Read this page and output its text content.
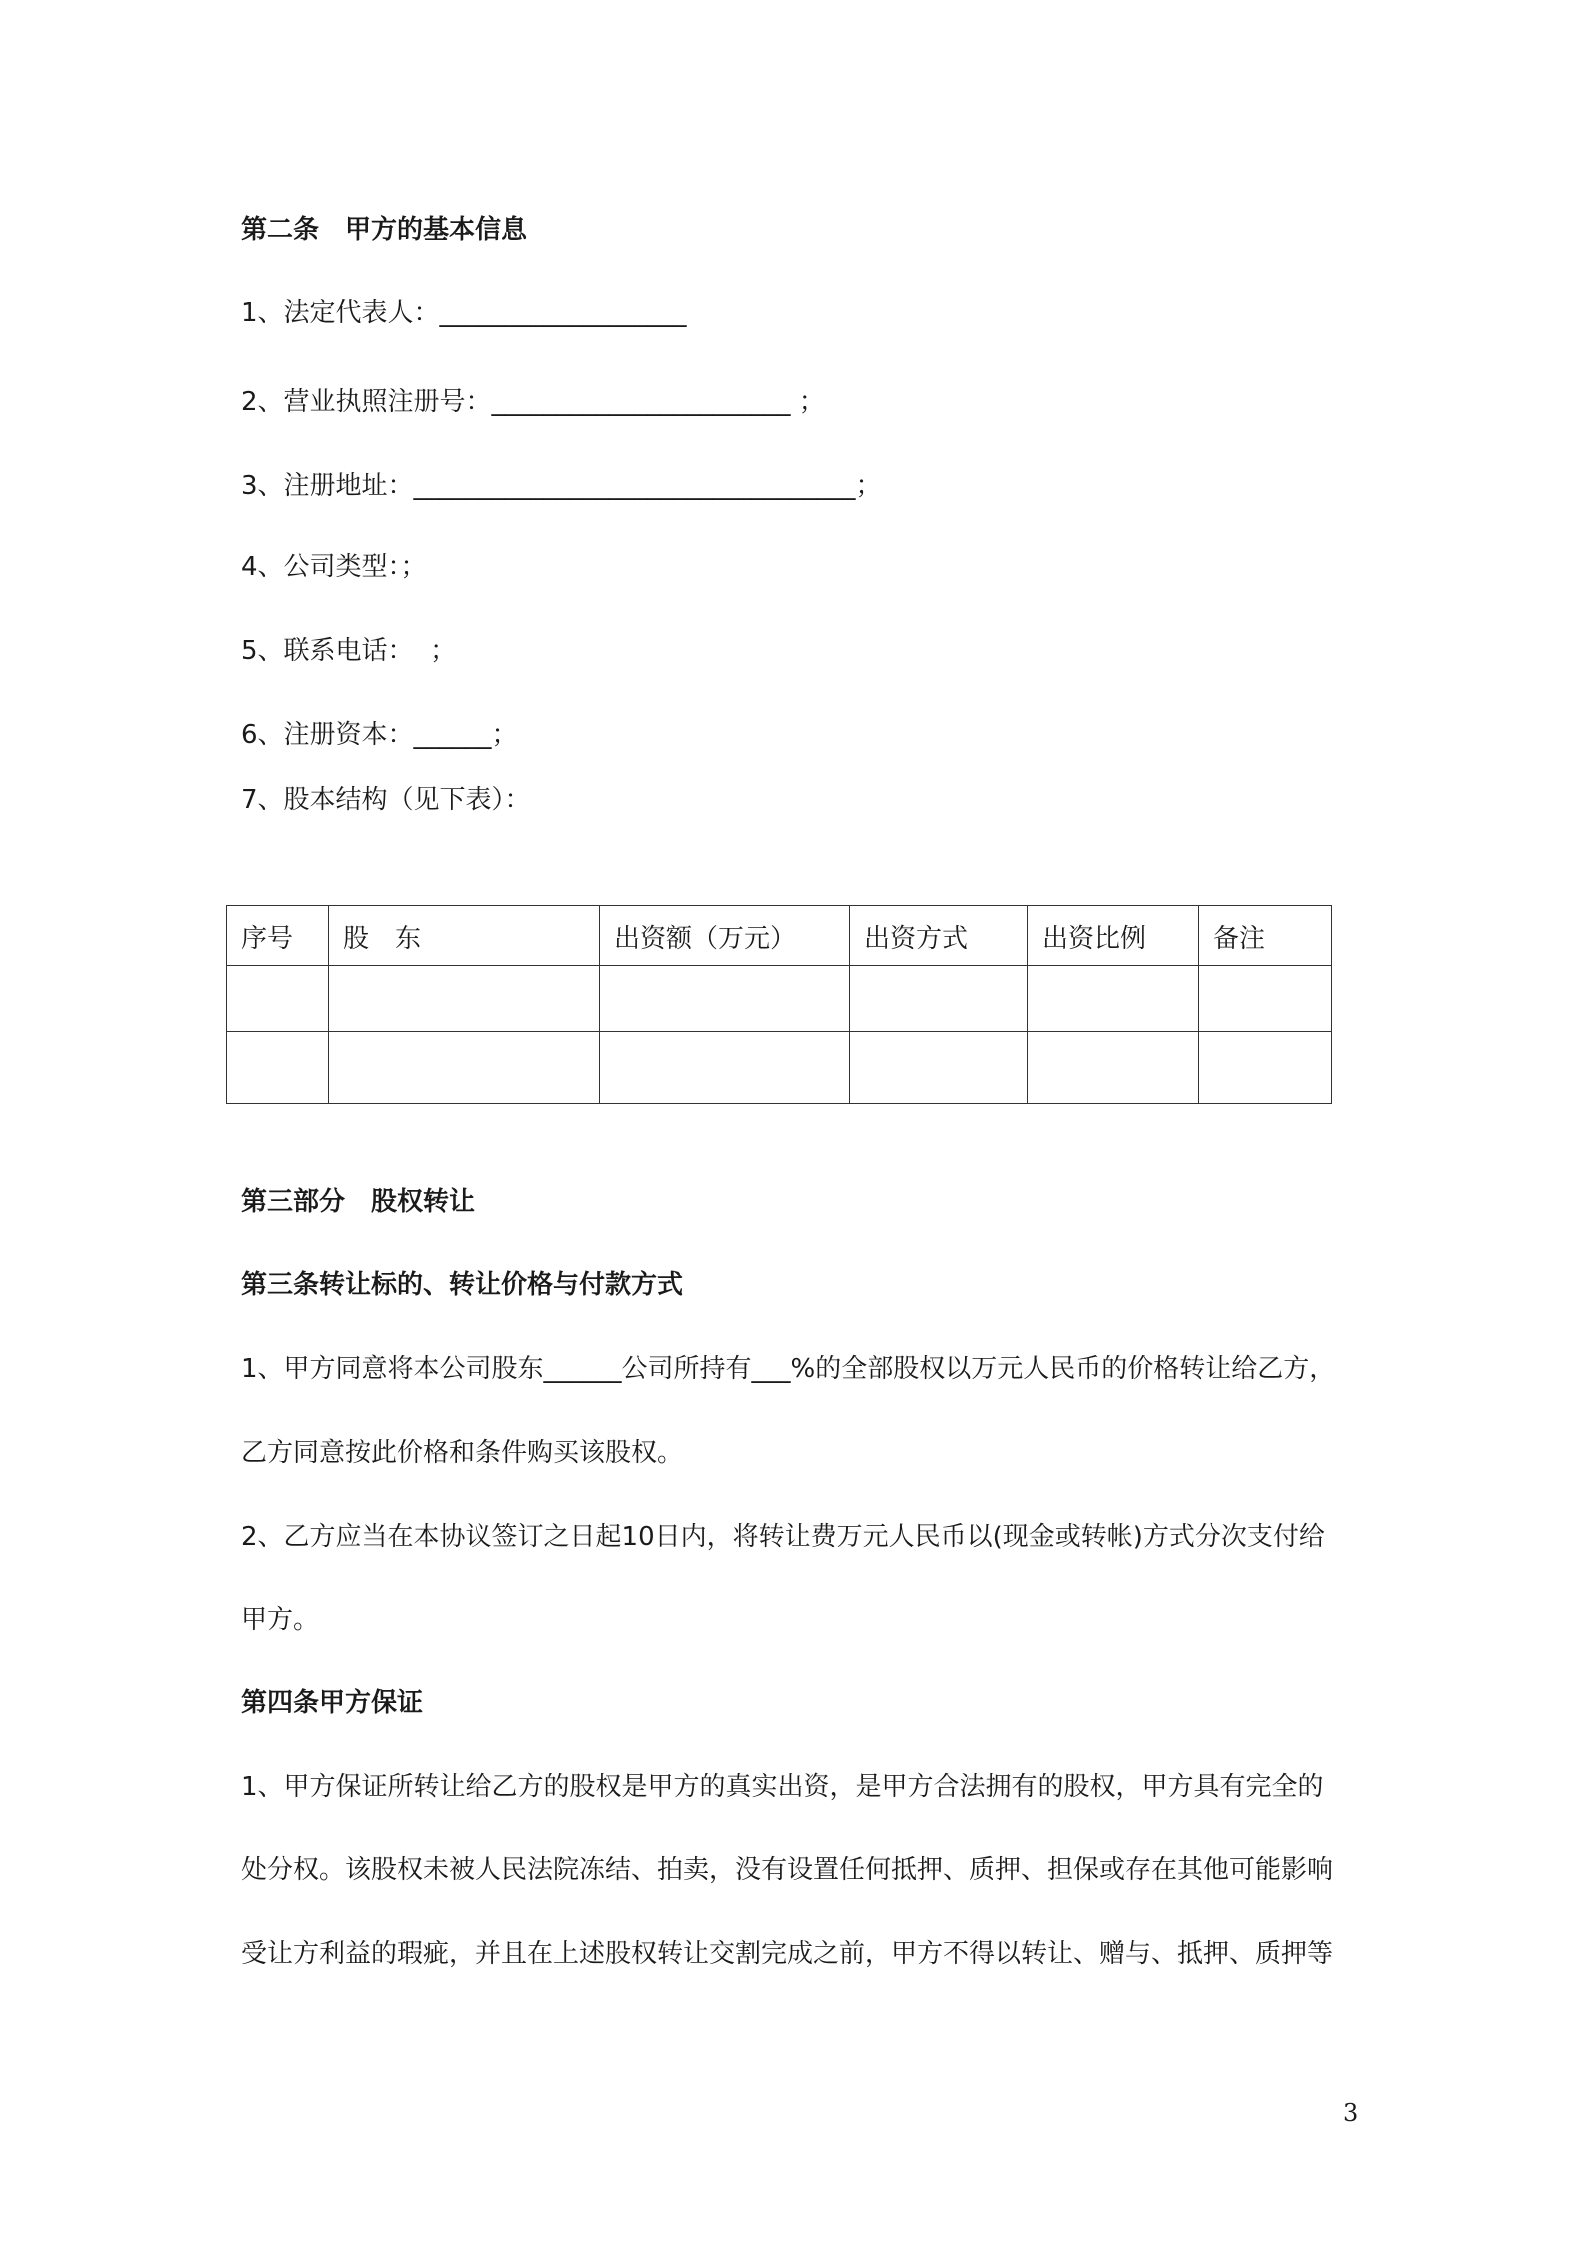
第二条　甲方的基本信息
1、法定代表人：___________________
2、营业执照注册号：_______________________ ；
3、注册地址：__________________________________；
4、公司类型：；
5、联系电话：  ；
6、注册资本：______；
7、股本结构（见下表）：
序号	股　东	出资额（万元）	出资方式	出资比例	备注

第三部分　股权转让
第三条转让标的、转让价格与付款方式
1、甲方同意将本公司股东______公司所持有___%的全部股权以万元人民币的价格转让给乙方，
乙方同意按此价格和条件购买该股权。
2、乙方应当在本协议签订之日起10日内，将转让费万元人民币以(现金或转帐)方式分次支付给
甲方。
第四条甲方保证
1、甲方保证所转让给乙方的股权是甲方的真实出资，是甲方合法拥有的股权，甲方具有完全的
处分权。该股权未被人民法院冻结、拍卖，没有设置任何抵押、质押、担保或存在其他可能影响
受让方利益的瑕疵，并且在上述股权转让交割完成之前，甲方不得以转让、赠与、抵押、质押等
3
